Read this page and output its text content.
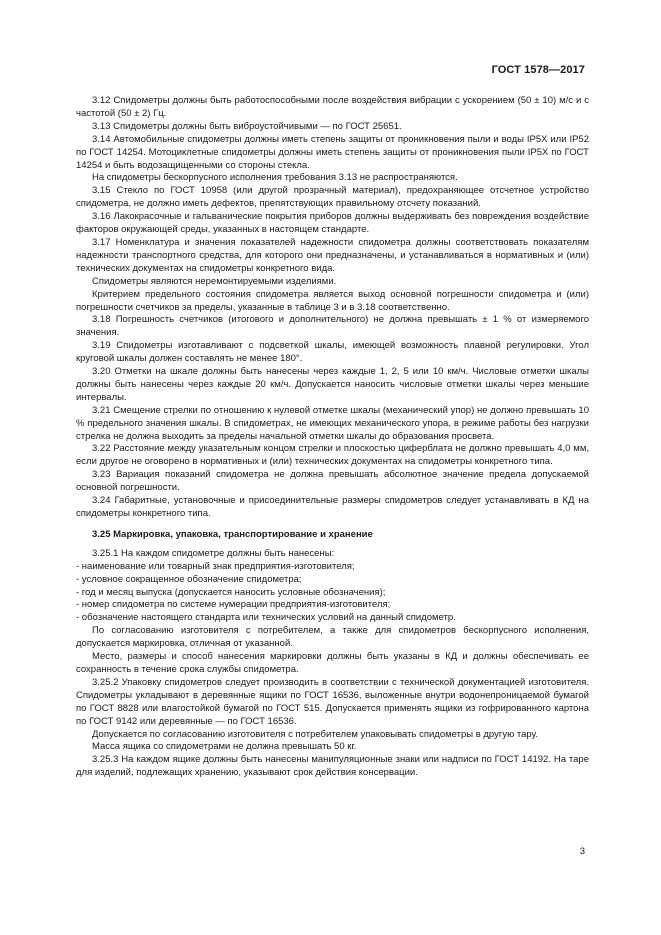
ГОСТ 1578—2017

3.12 Спидометры должны быть работоспособными после воздействия вибрации с ускорением (50 ± 10) м/с и с частотой (50 ± 2) Гц.

3.13 Спидометры должны быть виброустойчивыми — по ГОСТ 25651.

3.14 Автомобильные спидометры должны иметь степень защиты от проникновения пыли и воды IP5X или IP52 по ГОСТ 14254. Мотоциклетные спидометры должны иметь степень защиты от проникновения пыли IP5X по ГОСТ 14254 и быть водозащищенными со стороны стекла.

На спидометры бескорпусного исполнения требования 3.13 не распространяются.

3.15 Стекло по ГОСТ 10958 (или другой прозрачный материал), предохраняющее отсчетное устройство спидометра, не должно иметь дефектов, препятствующих правильному отсчету показаний.

3.16 Лакокрасочные и гальванические покрытия приборов должны выдерживать без повреждения воздействие факторов окружающей среды, указанных в настоящем стандарте.

3.17 Номенклатура и значения показателей надежности спидометра должны соответствовать показателям надежности транспортного средства, для которого они предназначены, и устанавливаться в нормативных и (или) технических документах на спидометры конкретного вида.

Спидометры являются неремонтируемыми изделиями.

Критерием предельного состояния спидометра является выход основной погрешности спидометра и (или) погрешности счетчиков за пределы, указанные в таблице 3 и в 3.18 соответственно.

3.18 Погрешность счетчиков (итогового и дополнительного) не должна превышать ± 1 % от измеряемого значения.

3.19 Спидометры изготавливают с подсветкой шкалы, имеющей возможность плавной регулировки. Угол круговой шкалы должен составлять не менее 180°.

3.20 Отметки на шкале должны быть нанесены через каждые 1, 2, 5 или 10 км/ч. Числовые отметки шкалы должны быть нанесены через каждые 20 км/ч. Допускается наносить числовые отметки шкалы через меньшие интервалы.

3.21 Смещение стрелки по отношению к нулевой отметке шкалы (механический упор) не должно превышать 10 % предельного значения шкалы. В спидометрах, не имеющих механического упора, в режиме работы без нагрузки стрелка не должна выходить за пределы начальной отметки шкалы до образования просвета.

3.22 Расстояние между указательным концом стрелки и плоскостью циферблата не должно превышать 4,0 мм, если другое не оговорено в нормативных и (или) технических документах на спидометры конкретного типа.

3.23 Вариация показаний спидометра не должна превышать абсолютное значение предела допускаемой основной погрешности.

3.24 Габаритные, установочные и присоединительные размеры спидометров следует устанавливать в КД на спидометры конкретного типа.

3.25 Маркировка, упаковка, транспортирование и хранение

3.25.1 На каждом спидометре должны быть нанесены:

- наименование или товарный знак предприятия-изготовителя;

- условное сокращенное обозначение спидометра;

- год и месяц выпуска (допускается наносить условные обозначения);

- номер спидометра по системе нумерации предприятия-изготовителя;

- обозначение настоящего стандарта или технических условий на данный спидометр.

По согласованию изготовителя с потребителем, а также для спидометров бескорпусного исполнения, допускается маркировка, отличная от указанной.

Место, размеры и способ нанесения маркировки должны быть указаны в КД и должны обеспечивать ее сохранность в течение срока службы спидометра.

3.25.2 Упаковку спидометров следует производить в соответствии с технической документацией изготовителя. Спидометры укладывают в деревянные ящики по ГОСТ 16536, выложенные внутри водонепроницаемой бумагой по ГОСТ 8828 или влагостойкой бумагой по ГОСТ 515. Допускается применять ящики из гофрированного картона по ГОСТ 9142 или деревянные — по ГОСТ 16536.

Допускается по согласованию изготовителя с потребителем упаковывать спидометры в другую тару.

Масса ящика со спидометрами не должна превышать 50 кг.

3.25.3 На каждом ящике должны быть нанесены манипуляционные знаки или надписи по ГОСТ 14192. На таре для изделий, подлежащих хранению, указывают срок действия консервации.

3
